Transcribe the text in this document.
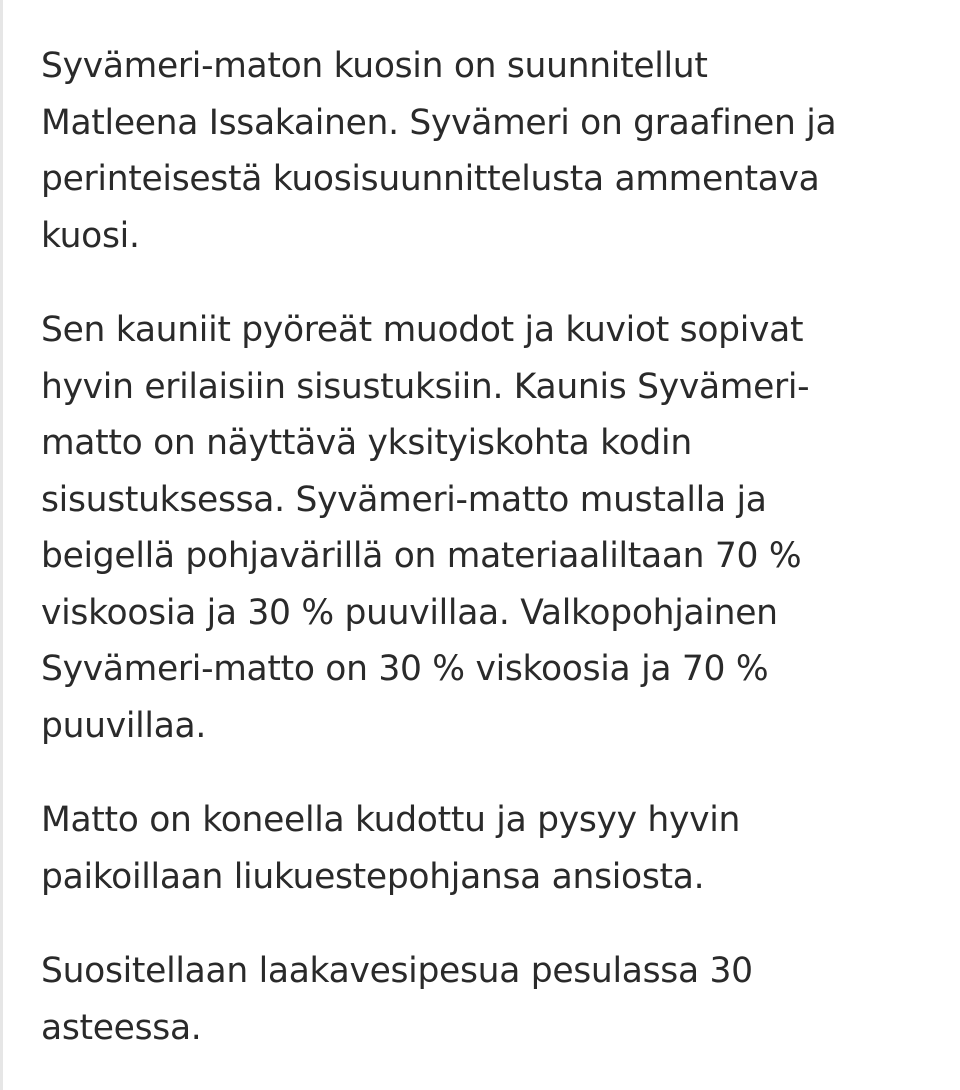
Syvämeri-maton kuosin on suunnitellut
Matleena Issakainen. Syvämeri on graafinen ja
perinteisestä kuosisuunnittelusta ammentava
kuosi.

Sen kauniit pyöreät muodot ja kuviot sopivat
hyvin erilaisiin sisustuksiin. Kaunis Syvämeri-
matto on näyttävä yksityiskohta kodin
sisustuksessa. Syvämeri-matto mustalla ja
beigellä pohjavärillä on materiaaliltaan 70 %
viskoosia ja 30 % puuvillaa. Valkopohjainen
Syvämeri-matto on 30 % viskoosia ja 70 %
puuvillaa.

Matto on koneella kudottu ja pysyy hyvin
paikoillaan liukuestepohjansa ansiosta.

Suositellaan laakavesipesua pesulassa 30
asteessa.
